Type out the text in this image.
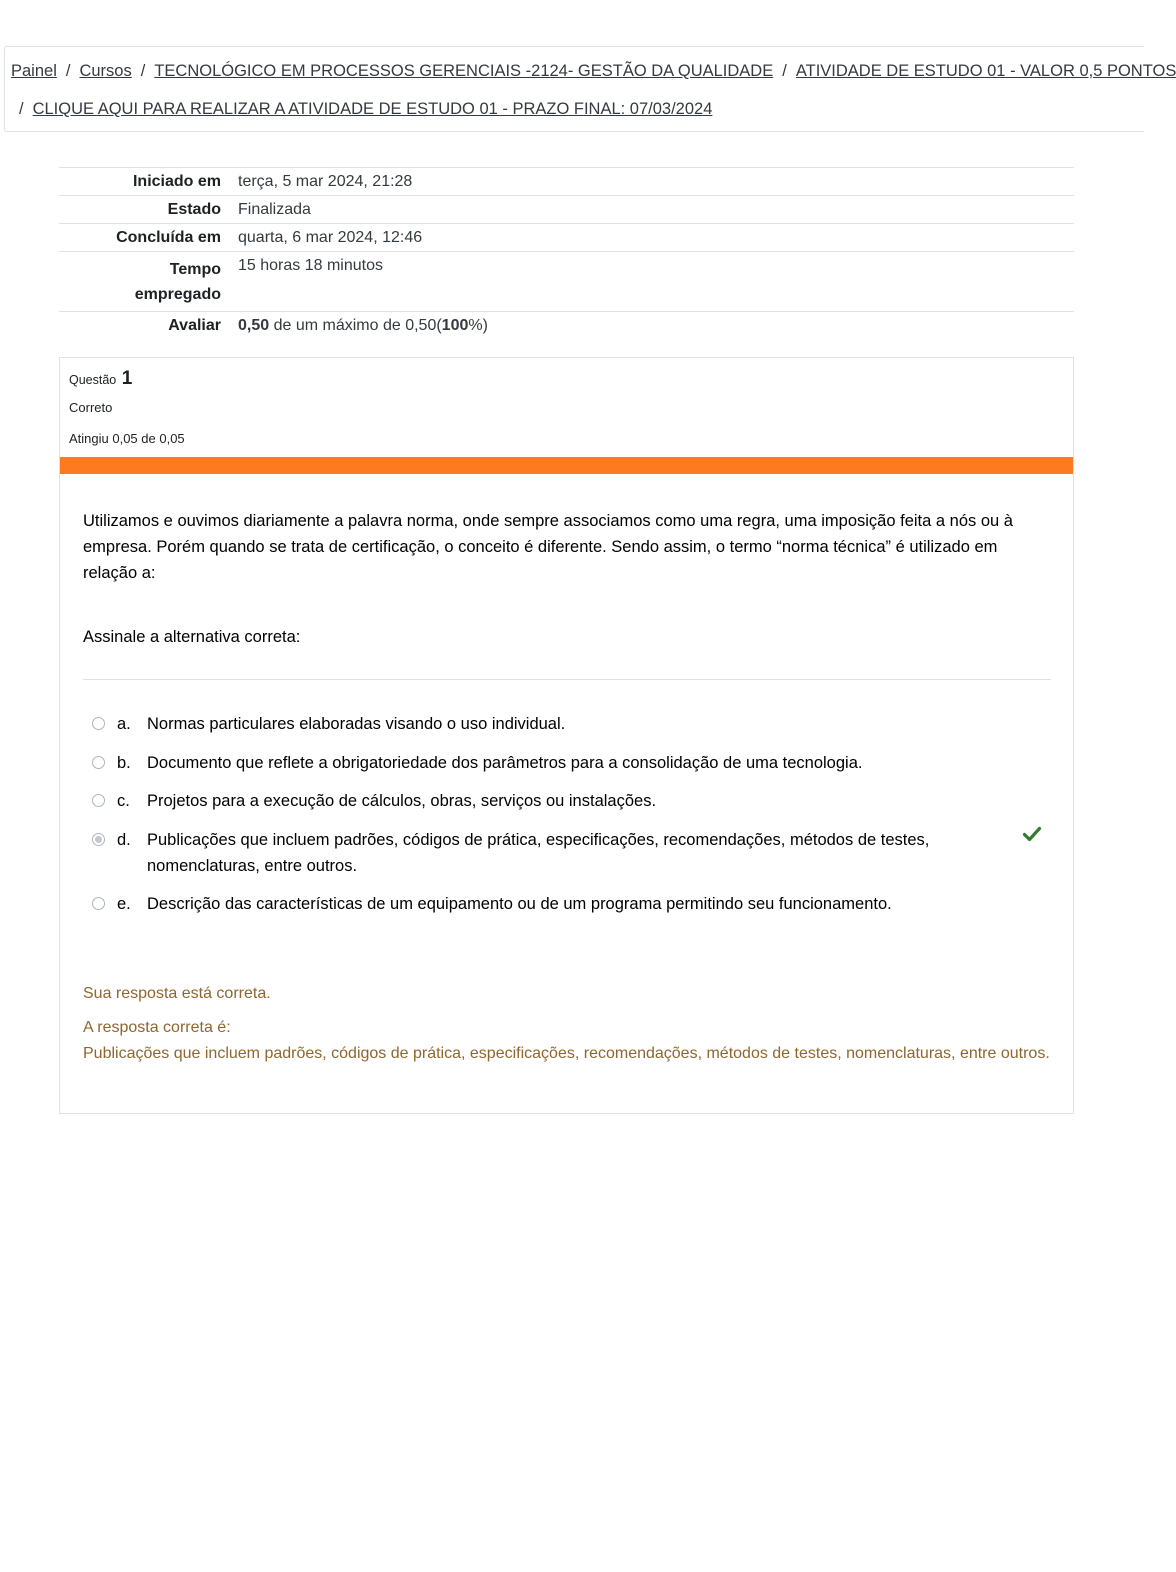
Painel / Cursos / TECNOLÓGICO EM PROCESSOS GERENCIAIS -2124- GESTÃO DA QUALIDADE / ATIVIDADE DE ESTUDO 01 - VALOR 0,5 PONTOS
/ CLIQUE AQUI PARA REALIZAR A ATIVIDADE DE ESTUDO 01 - PRAZO FINAL: 07/03/2024
Iniciado em	terça, 5 mar 2024, 21:28
Estado	Finalizada
Concluída em	quarta, 6 mar 2024, 12:46
Tempo
empregado	15 horas 18 minutos
Avaliar	0,50 de um máximo de 0,50(100%)
Questão 1
Correto
Atingiu 0,05 de 0,05
Utilizamos e ouvimos diariamente a palavra norma, onde sempre associamos como uma regra, uma imposição feita a nós ou à empresa. Porém quando se trata de certificação, o conceito é diferente. Sendo assim, o termo “norma técnica” é utilizado em relação a:
Assinale a alternativa correta:
a. Normas particulares elaboradas visando o uso individual.
b. Documento que reflete a obrigatoriedade dos parâmetros para a consolidação de uma tecnologia.
c. Projetos para a execução de cálculos, obras, serviços ou instalações.
d. Publicações que incluem padrões, códigos de prática, especificações, recomendações, métodos de testes, nomenclaturas, entre outros.
e. Descrição das características de um equipamento ou de um programa permitindo seu funcionamento.
Sua resposta está correta.
A resposta correta é:
Publicações que incluem padrões, códigos de prática, especificações, recomendações, métodos de testes, nomenclaturas, entre outros.
